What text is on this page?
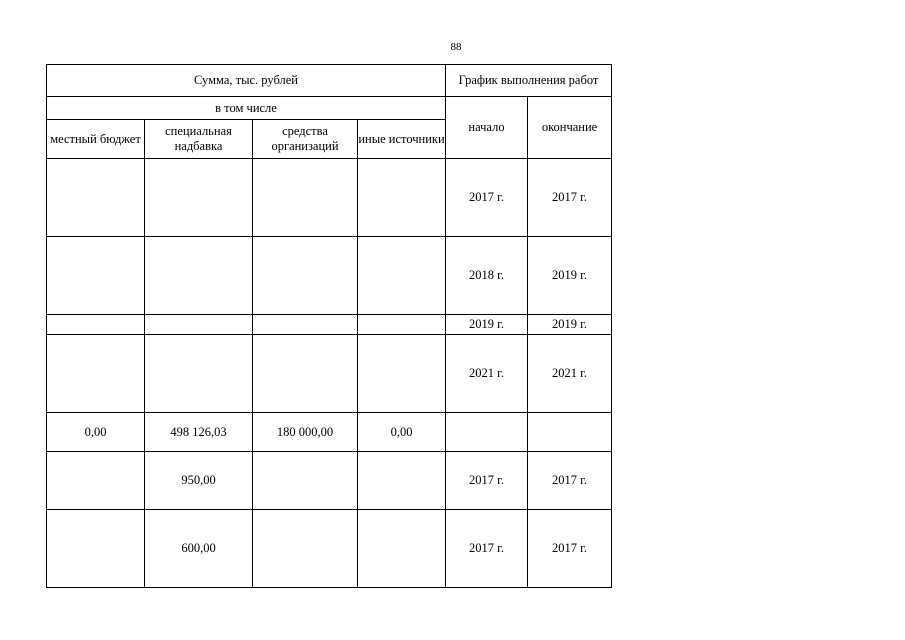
88
Сумма, тыс. рублей				График выполнения работ	
в том числе				начало	окончание
местный бюджет	специальная надбавка	средства организаций	иные источники		
				2017 г.	2017 г.
				2018 г.	2019 г.
				2019 г.	2019 г.
				2021 г.	2021 г.
0,00	498 126,03	180 000,00	0,00		
	950,00			2017 г.	2017 г.
	600,00			2017 г.	2017 г.
